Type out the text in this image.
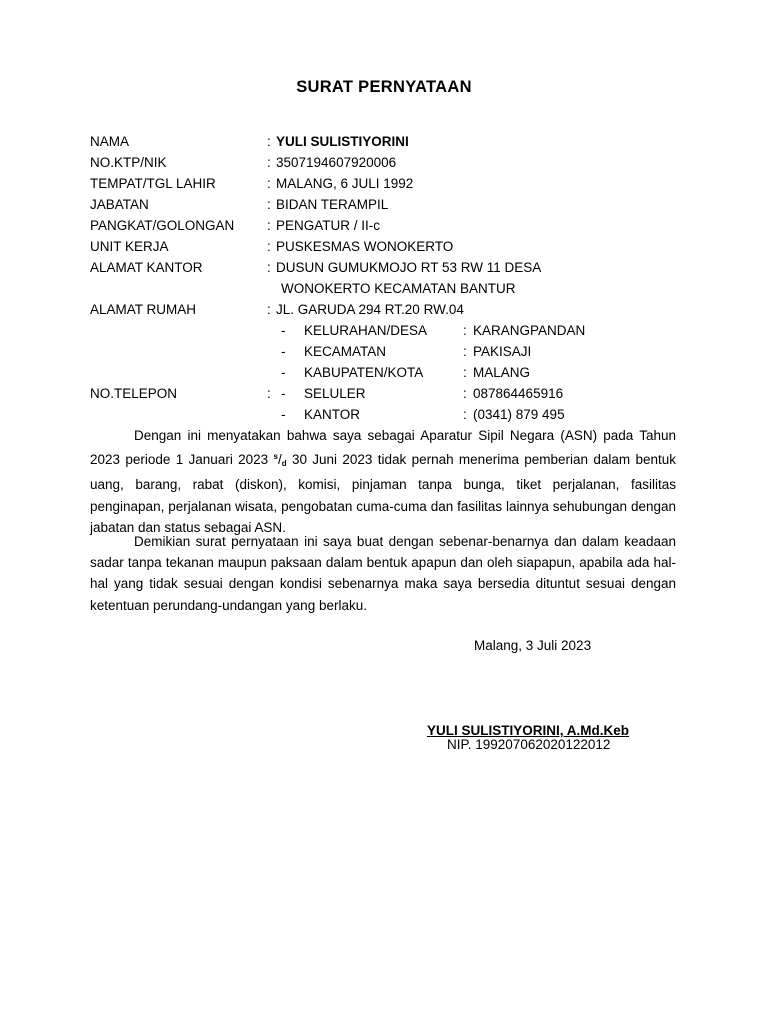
SURAT PERNYATAAN
NAMA	: YULI SULISTIYORINI
NO.KTP/NIK	: 3507194607920006
TEMPAT/TGL LAHIR	: MALANG, 6 JULI 1992
JABATAN	: BIDAN TERAMPIL
PANGKAT/GOLONGAN : PENGATUR / II-c
UNIT KERJA	: PUSKESMAS WONOKERTO
ALAMAT KANTOR	: DUSUN GUMUKMOJO RT 53 RW 11 DESA
WONOKERTO KECAMATAN BANTUR
ALAMAT RUMAH	: JL. GARUDA 294 RT.20 RW.04
- KELURAHAN/DESA	: KARANGPANDAN
- KECAMATAN	: PAKISAJI
- KABUPATEN/KOTA	: MALANG
NO.TELEPON	: - SELULER	: 087864465916
- KANTOR	: (0341) 879 495

Dengan ini menyatakan bahwa saya sebagai Aparatur Sipil Negara (ASN) pada Tahun 2023 periode 1 Januari 2023 $^s/_d$ 30 Juni 2023 tidak pernah menerima pemberian dalam bentuk uang, barang, rabat (diskon), komisi, pinjaman tanpa bunga, tiket perjalanan, fasilitas penginapan, perjalanan wisata, pengobatan cuma-cuma dan fasilitas lainnya sehubungan dengan jabatan dan status sebagai ASN.

Demikian surat pernyataan ini saya buat dengan sebenar-benarnya dan dalam keadaan sadar tanpa tekanan maupun paksaan dalam bentuk apapun dan oleh siapapun, apabila ada hal-hal yang tidak sesuai dengan kondisi sebenarnya maka saya bersedia dituntut sesuai dengan ketentuan perundang-undangan yang berlaku.

Malang, 3 Juli 2023
YULI SULISTIYORINI, A.Md.Keb
NIP. 199207062020122012
